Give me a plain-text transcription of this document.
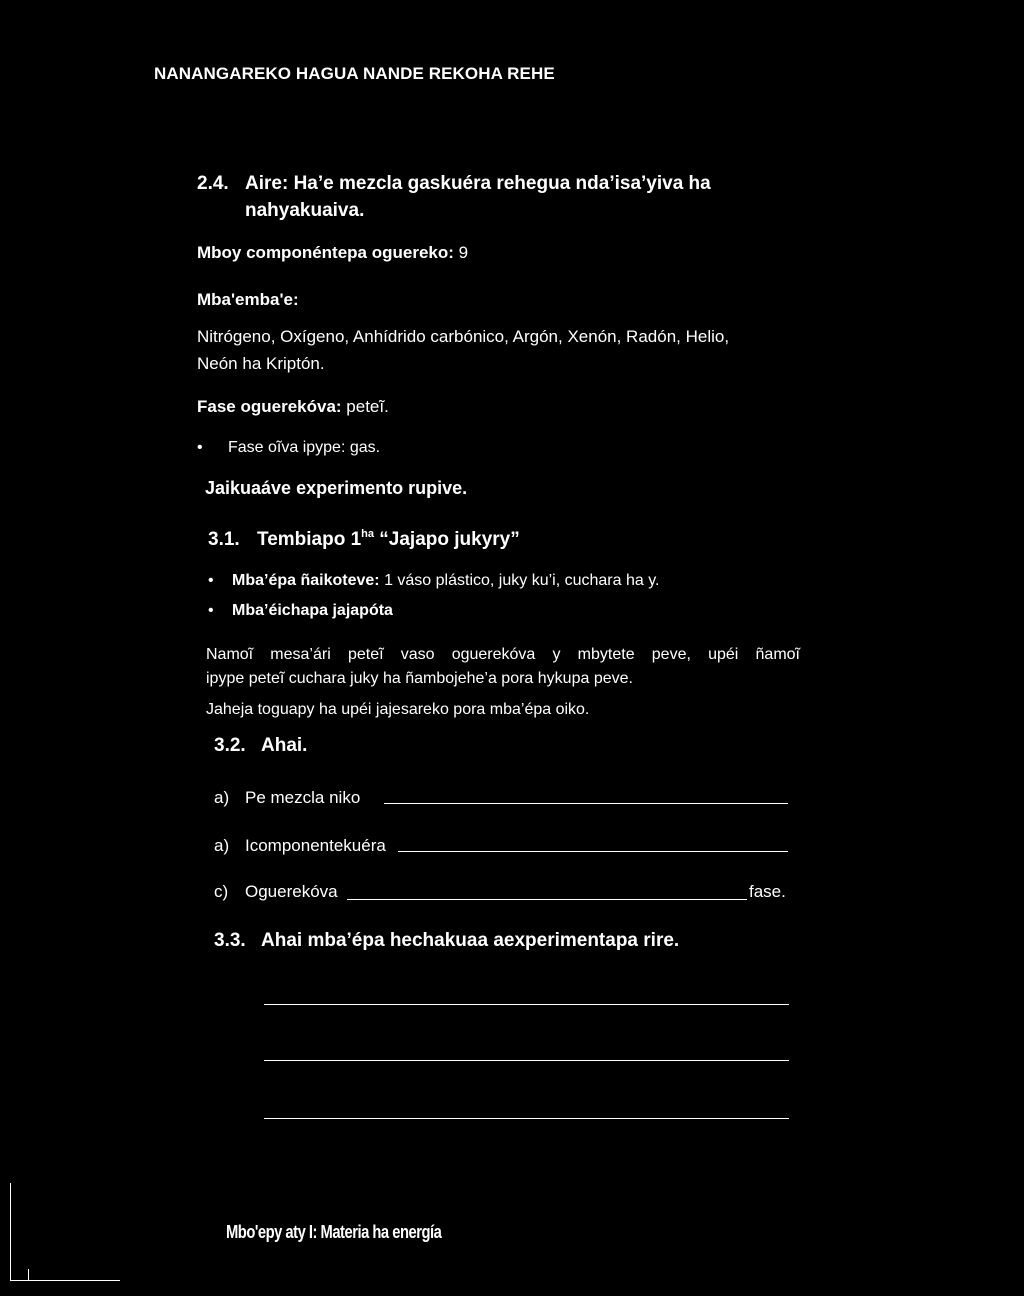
NANANGAREKO HAGUA NANDE REKOHA REHE
2.4. Aire: Ha’e mezcla gaskuéra rehegua nda’isa’yiva ha
nahyakuaiva.
Mboy componéntepa oguereko: 9
Mba'emba'e:
Nitrógeno, Oxígeno, Anhídrido carbónico, Argón, Xenón, Radón, Helio,
Neón ha Kriptón.
Fase oguerekóva: peteĩ.
• Fase oĩva ipype: gas.
Jaikuaáve experimento rupive.
3.1. Tembiapo $1^{ha}$ “Jajapo jukyry”
• Mba’épa ñaikoteve: 1 váso plástico, juky ku’i, cuchara ha y.
• Mba’éichapa jajapóta
Namoĩ mesa’ári peteĩ vaso oguerekóva y mbytete peve, upéi ñamoĩ
ipype peteĩ cuchara juky ha ñambojehe’a pora hykupa peve.
Jaheja toguapy ha upéi jajesareko pora mba’épa oiko.
3.2. Ahai.
a) Pe mezcla niko
a) Icomponentekuéra
c) Oguerekóva	fase.
3.3. Ahai mba’épa hechakuaa aexperimentapa rire.
Mbo'epy aty I: Materia ha energía
